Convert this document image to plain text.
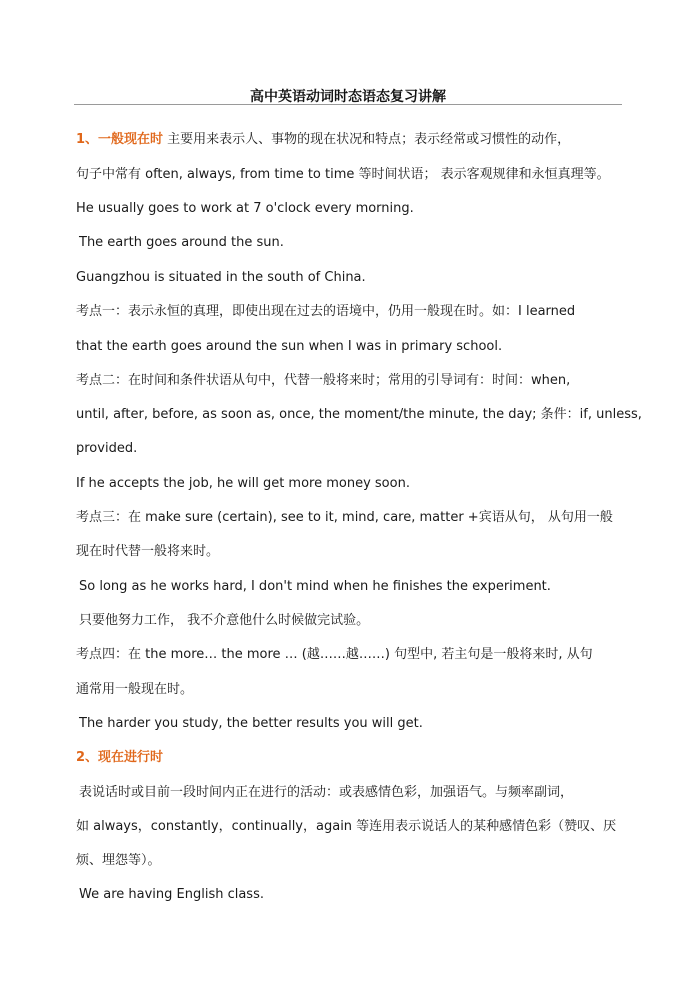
高中英语动词时态语态复习讲解
1、一般现在时 主要用来表示人、事物的现在状况和特点；表示经常或习惯性的动作，
句子中常有 often, always, from time to time 等时间状语； 表示客观规律和永恒真理等。
He usually goes to work at 7 o'clock every morning.
The earth goes around the sun.
Guangzhou is situated in the south of China.
考点一：表示永恒的真理，即使出现在过去的语境中，仍用一般现在时。如：I learned
that the earth goes around the sun when I was in primary school.
考点二：在时间和条件状语从句中，代替一般将来时；常用的引导词有：时间：when,
until, after, before, as soon as, once, the moment/the minute, the day; 条件：if, unless,
provided.
If he accepts the job, he will get more money soon.
考点三：在 make sure (certain), see to it, mind, care, matter +宾语从句， 从句用一般
现在时代替一般将来时。
So long as he works hard, I don't mind when he finishes the experiment.
只要他努力工作， 我不介意他什么时候做完试验。
考点四：在 the more… the more … (越……越……) 句型中, 若主句是一般将来时, 从句
通常用一般现在时。
The harder you study, the better results you will get.
2、现在进行时
表说话时或目前一段时间内正在进行的活动：或表感情色彩，加强语气。与频率副词，
如 always，constantly，continually，again 等连用表示说话人的某种感情色彩（赞叹、厌
烦、埋怨等）。
We are having English class.
